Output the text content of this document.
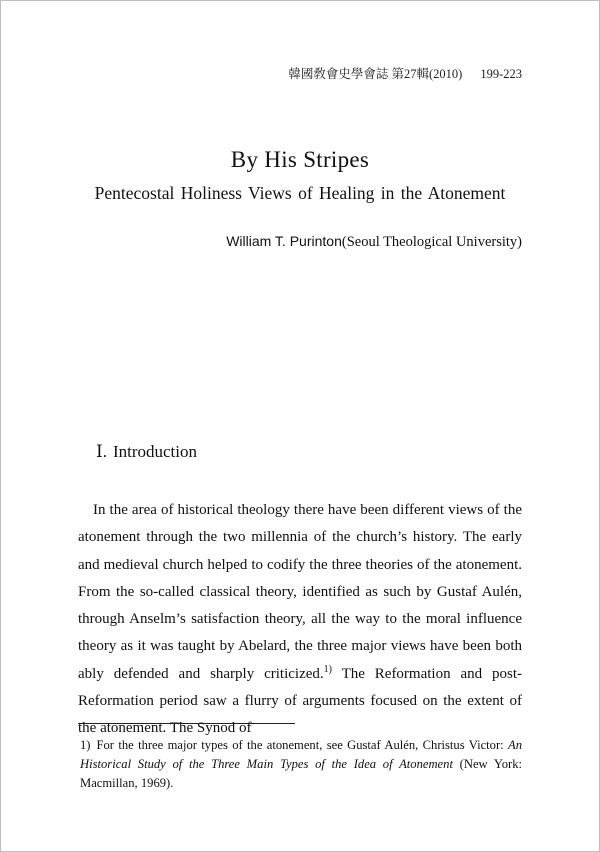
韓國敎會史學會誌 第27輯(2010) 199-223
By His Stripes
Pentecostal Holiness Views of Healing in the Atonement
William T. Purinton(Seoul Theological University)
Ⅰ. Introduction
In the area of historical theology there have been different views of the atonement through the two millennia of the church’s history. The early and medieval church helped to codify the three theories of the atonement. From the so-called classical theory, identified as such by Gustaf Aulén, through Anselm’s satisfaction theory, all the way to the moral influence theory as it was taught by Abelard, the three major views have been both ably defended and sharply criticized.$^{1)}$ The Reformation and post-Reformation period saw a flurry of arguments focused on the extent of the atonement. The Synod of
1) For the three major types of the atonement, see Gustaf Aulén, Christus Victor: An Historical Study of the Three Main Types of the Idea of Atonement (New York: Macmillan, 1969).
